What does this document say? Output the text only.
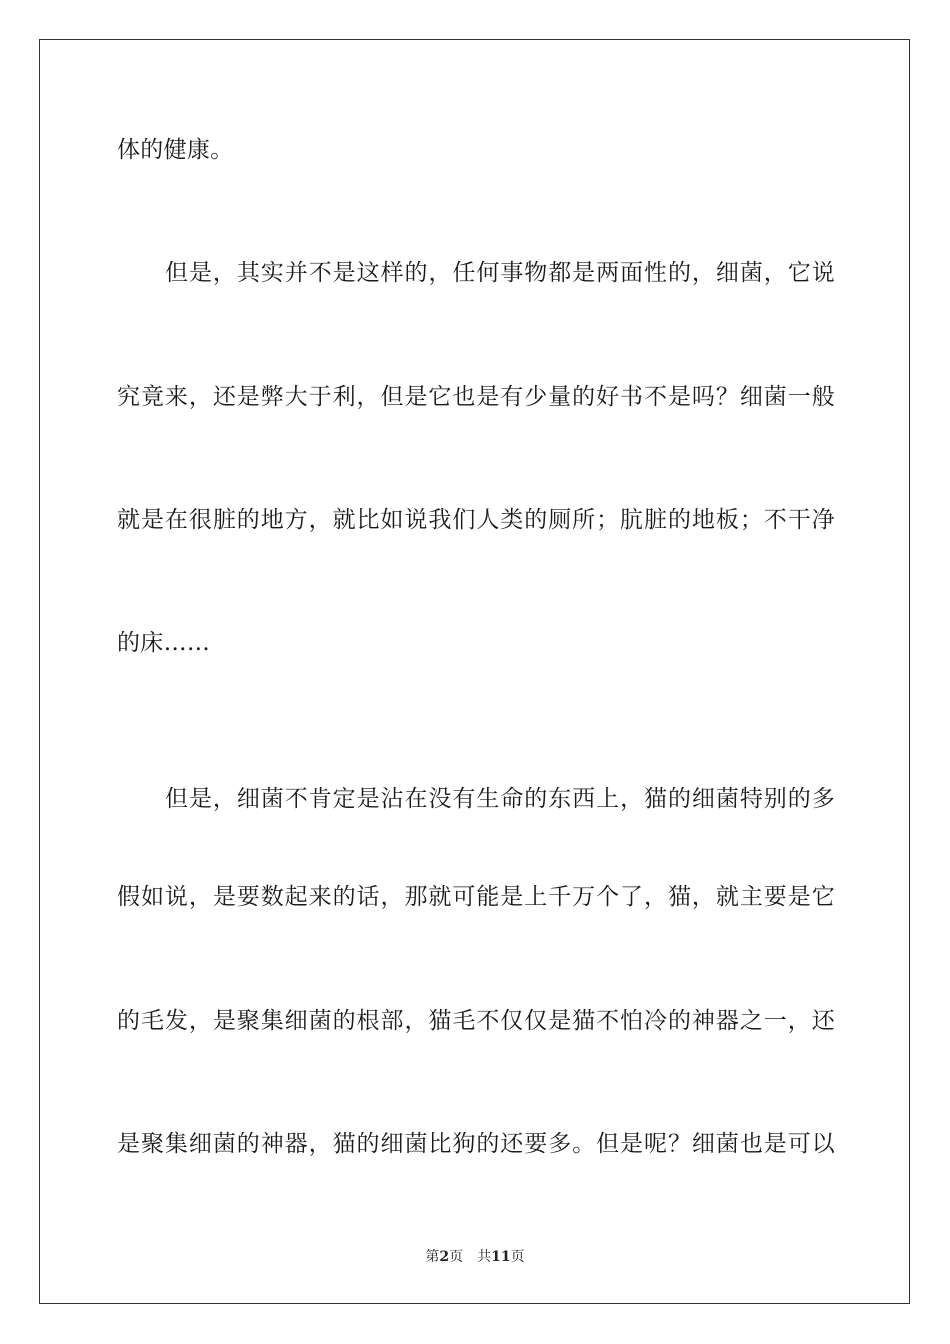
体的健康。
但是，其实并不是这样的，任何事物都是两面性的，细菌，它说
究竟来，还是弊大于利，但是它也是有少量的好书不是吗？细菌一般
就是在很脏的地方，就比如说我们人类的厕所；肮脏的地板；不干净
的床……
但是，细菌不肯定是沾在没有生命的东西上，猫的细菌特别的多
假如说，是要数起来的话，那就可能是上千万个了，猫，就主要是它
的毛发，是聚集细菌的根部，猫毛不仅仅是猫不怕冷的神器之一，还
是聚集细菌的神器，猫的细菌比狗的还要多。但是呢？细菌也是可以
第2页 共11页
